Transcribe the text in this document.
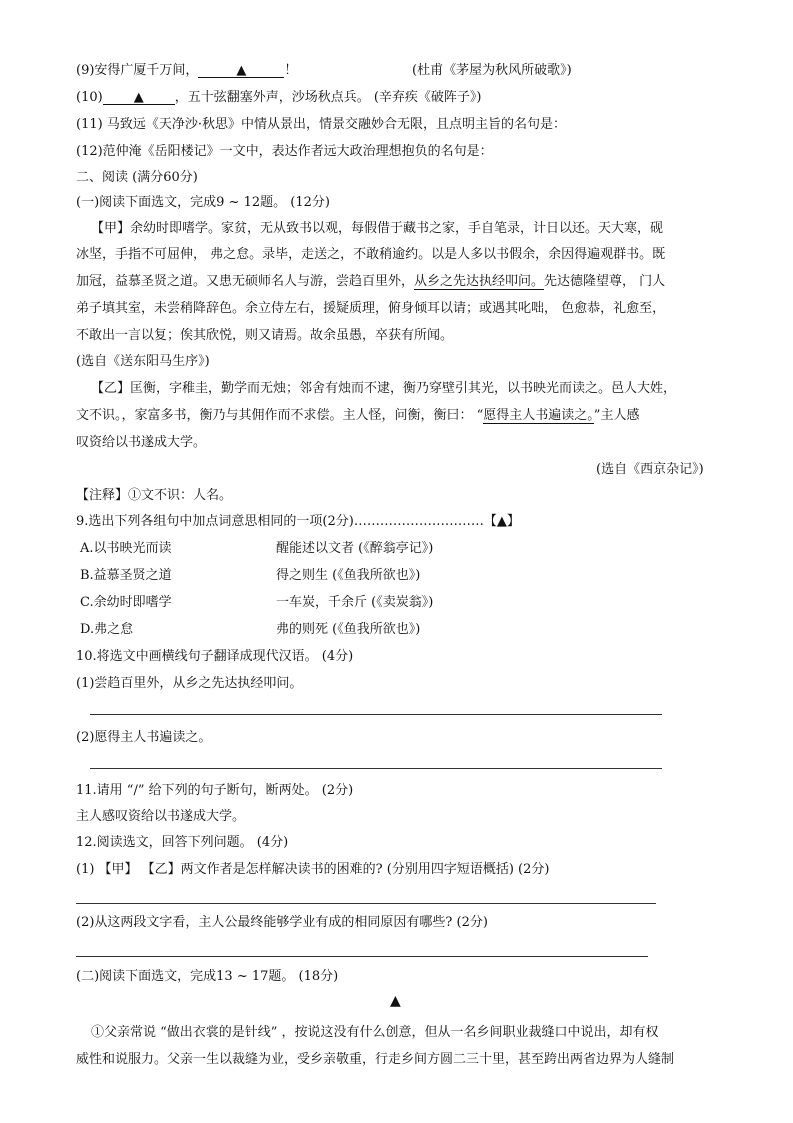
(9)安得广厦千万间，	▲	！	(杜甫《茅屋为秋风所破歌》)
(10) ▲ ，五十弦翻塞外声，沙场秋点兵。 (辛弃疾《破阵子》)
(11) 马致远《天净沙·秋思》中情从景出，情景交融妙合无限，且点明主旨的名句是：
(12)范仲淹《岳阳楼记》一文中，表达作者远大政治理想抱负的名句是：
二、阅读 (满分60分)
(一)阅读下面选文，完成9 ~ 12题。 (12分)
【甲】余幼时即嗜学。家贫，无从致书以观，每假借于藏书之家，手自笔录，计日以还。天大寒，砚
冰坚，手指不可屈伸， 弗之怠。录毕，走送之，不敢稍逾约。以是人多以书假余，余因得遍观群书。既
加冠，益慕圣贤之道。又患无硕师名人与游，尝趋百里外，从乡之先达执经叩问。先达德隆望尊， 门人
弟子填其室，未尝稍降辞色。余立侍左右，援疑质理，俯身倾耳以请；或遇其叱咄， 色愈恭，礼愈至，
不敢出一言以复；俟其欣悦，则又请焉。故余虽愚，卒获有所闻。
(选自《送东阳马生序》)
【乙】匡衡，字稚圭，勤学而无烛；邻舍有烛而不逮，衡乃穿壁引其光，以书映光而读之。邑人大姓，
文不识。，家富多书，衡乃与其佣作而不求偿。主人怪，问衡，衡曰： “愿得主人书遍读之。”主人感
叹资给以书遂成大学。
(选自《西京杂记》)
【注释】①文不识：人名。
9.选出下列各组句中加点词意思相同的一项(2分)…………………………【▲】
A.以书映光而读	醒能述以文者 (《醉翁亭记》)
B.益慕圣贤之道	得之则生 (《鱼我所欲也》)
C.余幼时即嗜学	一车炭，千余斤 (《卖炭翁》)
D.弗之怠	弗的则死 (《鱼我所欲也》)
10.将选文中画横线句子翻译成现代汉语。 (4分)
(1)尝趋百里外，从乡之先达执经叩问。
(2)愿得主人书遍读之。
11.请用 “/” 给下列的句子断句，断两处。 (2分)
主人感叹资给以书遂成大学。
12.阅读选文，回答下列问题。 (4分)
(1) 【甲】 【乙】两文作者是怎样解决读书的困难的? (分别用四字短语概括) (2分)
(2)从这两段文字看，主人公最终能够学业有成的相同原因有哪些? (2分)
(二)阅读下面选文，完成13 ~ 17题。 (18分)
▲
①父亲常说 “做出衣裳的是针线” ，按说这没有什么创意，但从一名乡间职业裁缝口中说出，却有权
威性和说服力。父亲一生以裁缝为业，受乡亲敬重，行走乡间方圆二三十里，甚至跨出两省边界为人缝制
